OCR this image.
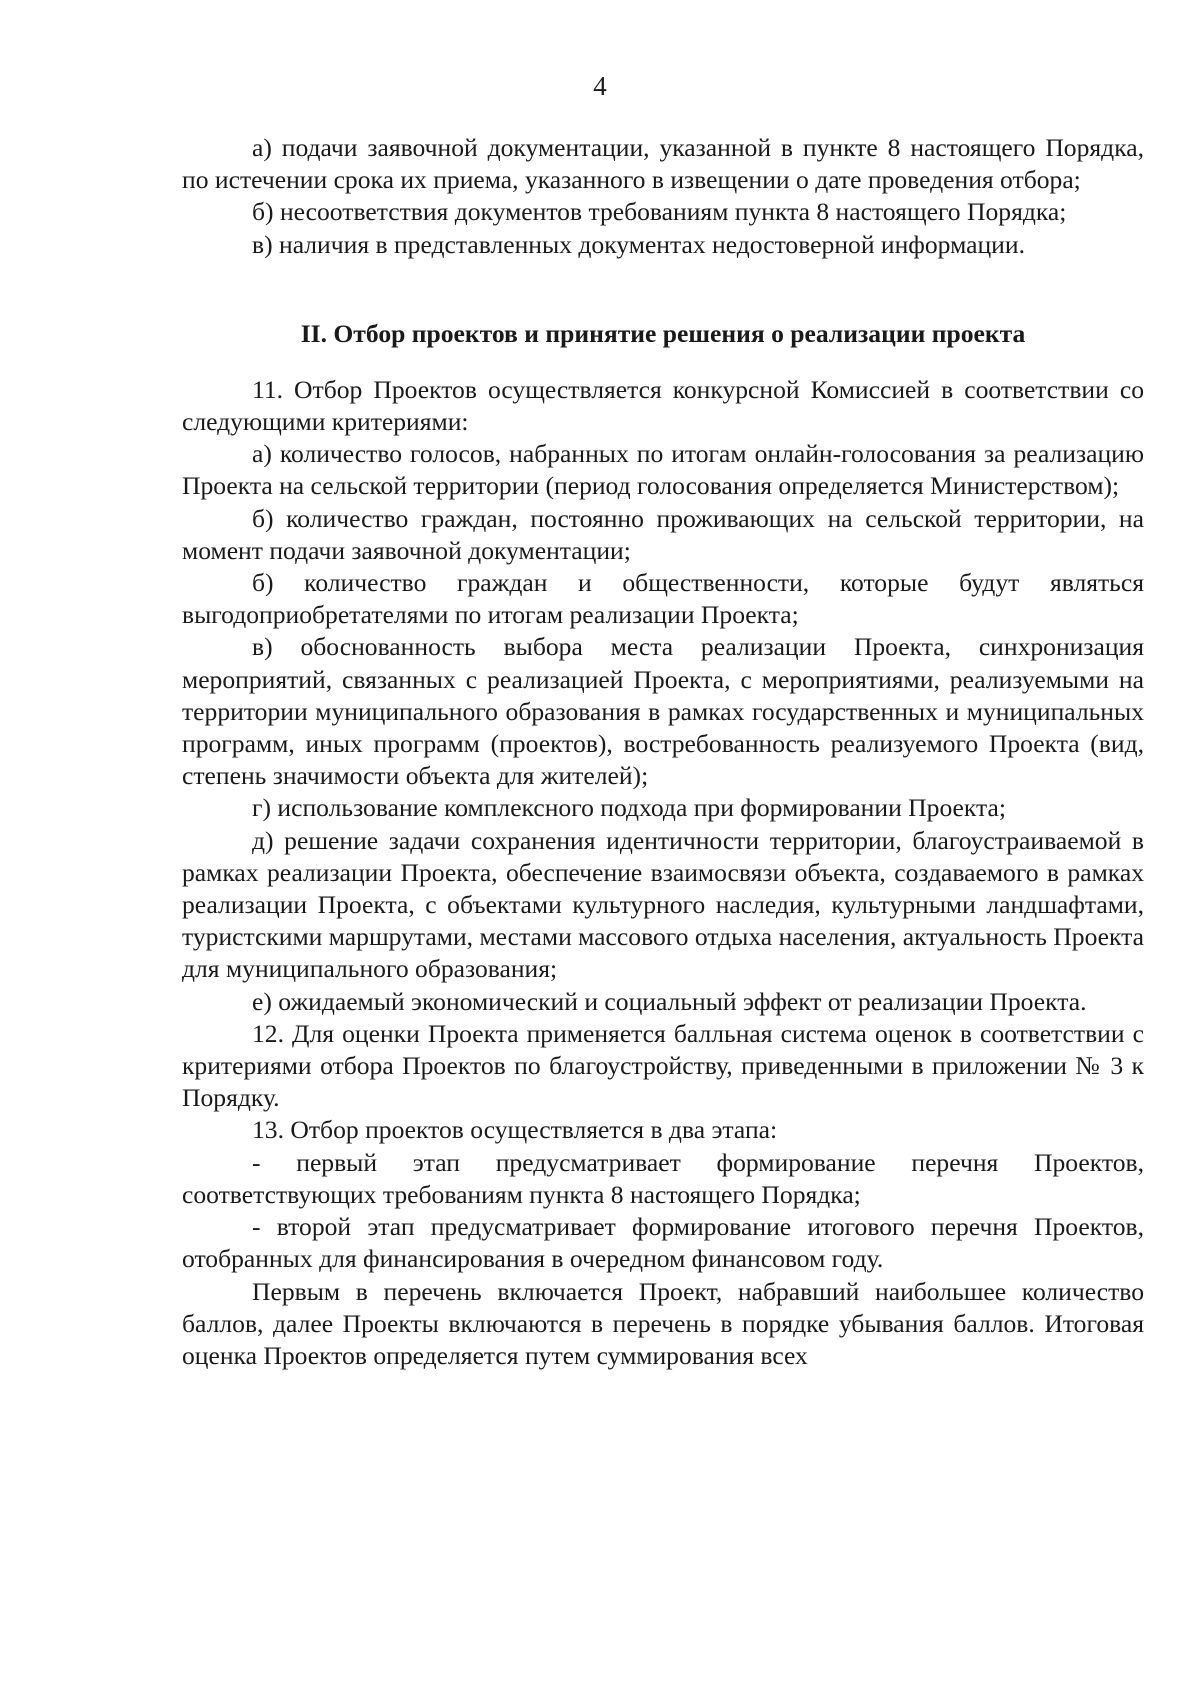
4

а) подачи заявочной документации, указанной в пункте 8 настоящего Порядка, по истечении срока их приема, указанного в извещении о дате проведения отбора;

б) несоответствия документов требованиям пункта 8 настоящего Порядка;

в) наличия в представленных документах недостоверной информации.

II. Отбор проектов и принятие решения о реализации проекта

11. Отбор Проектов осуществляется конкурсной Комиссией в соответствии со следующими критериями:

а) количество голосов, набранных по итогам онлайн-голосования за реализацию Проекта на сельской территории (период голосования определяется Министерством);

б) количество граждан, постоянно проживающих на сельской территории, на момент подачи заявочной документации;

б) количество граждан и общественности, которые будут являться выгодоприобретателями по итогам реализации Проекта;

в) обоснованность выбора места реализации Проекта, синхронизация мероприятий, связанных с реализацией Проекта, с мероприятиями, реализуемыми на территории муниципального образования в рамках государственных и муниципальных программ, иных программ (проектов), востребованность реализуемого Проекта (вид, степень значимости объекта для жителей);

г) использование комплексного подхода при формировании Проекта;

д) решение задачи сохранения идентичности территории, благоустраиваемой в рамках реализации Проекта, обеспечение взаимосвязи объекта, создаваемого в рамках реализации Проекта, с объектами культурного наследия, культурными ландшафтами, туристскими маршрутами, местами массового отдыха населения, актуальность Проекта для муниципального образования;

е) ожидаемый экономический и социальный эффект от реализации Проекта.

12. Для оценки Проекта применяется балльная система оценок в соответствии с критериями отбора Проектов по благоустройству, приведенными в приложении № 3 к Порядку.

13. Отбор проектов осуществляется в два этапа:

- первый этап предусматривает формирование перечня Проектов, соответствующих требованиям пункта 8 настоящего Порядка;

- второй этап предусматривает формирование итогового перечня Проектов, отобранных для финансирования в очередном финансовом году.

Первым в перечень включается Проект, набравший наибольшее количество баллов, далее Проекты включаются в перечень в порядке убывания баллов. Итоговая оценка Проектов определяется путем суммирования всех
